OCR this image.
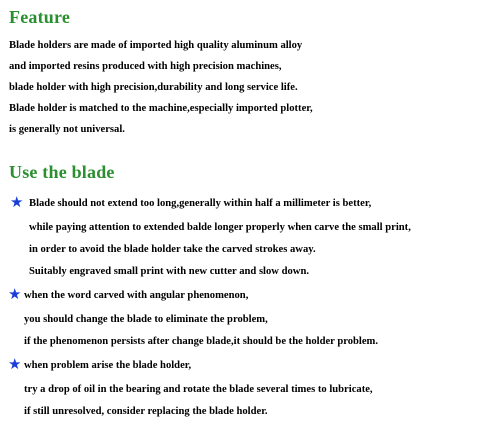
Feature

Blade holders are made of imported high quality aluminum alloy

and imported resins produced with high precision machines,

blade holder with high precision,durability and long service life.

Blade holder is matched to the machine,especially imported plotter,

is generally not universal.

Use the blade
★ Blade should not extend too long,generally within half a millimeter is better,

while paying attention to extended balde longer properly when carve the small print,

in order to avoid the blade holder take the carved strokes away.

Suitably engraved small print with new cutter and slow down.

★ when the word carved with angular phenomenon,

you should change the blade to eliminate the problem,

if the phenomenon persists after change blade,it should be the holder problem.

★ when problem arise the blade holder,

try a drop of oil in the bearing and rotate the blade several times to lubricate,

if still unresolved, consider replacing the blade holder.
